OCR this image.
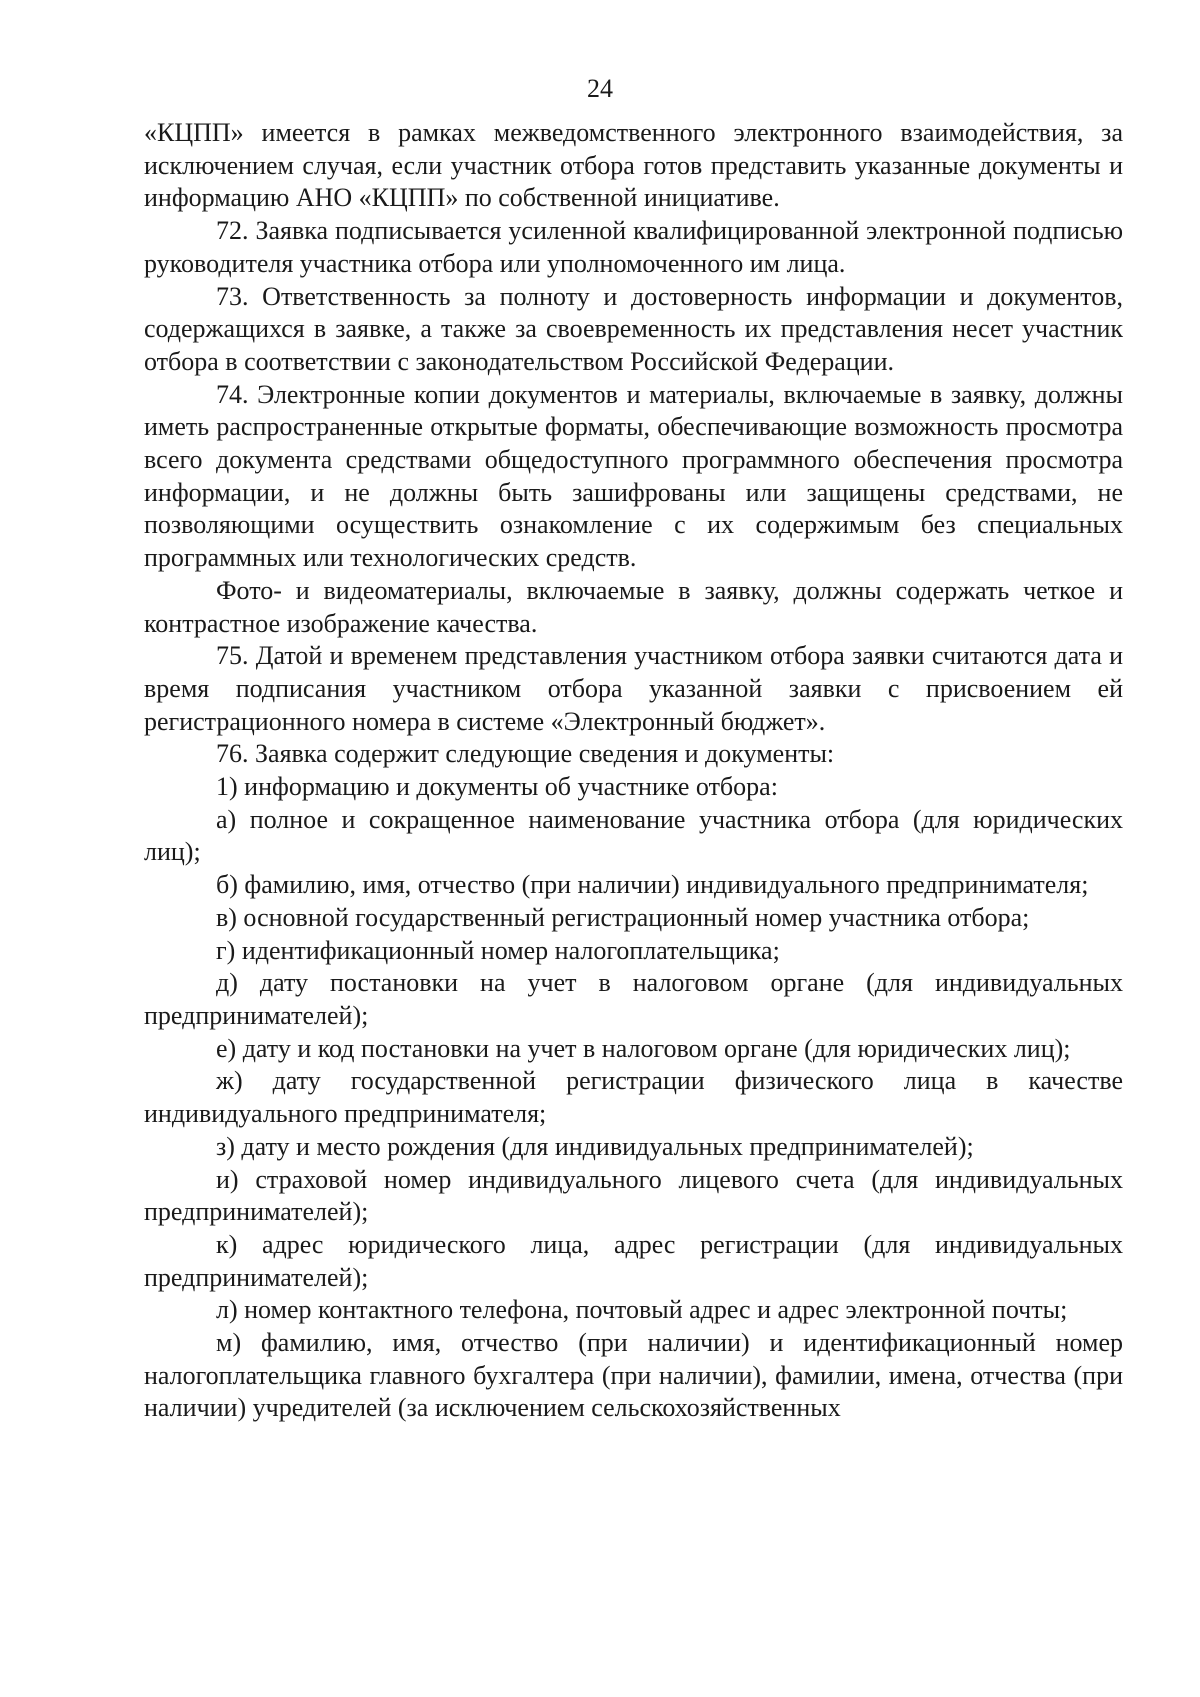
24

«КЦПП» имеется в рамках межведомственного электронного взаимодействия, за исключением случая, если участник отбора готов представить указанные документы и информацию АНО «КЦПП» по собственной инициативе.

72. Заявка подписывается усиленной квалифицированной электронной подписью руководителя участника отбора или уполномоченного им лица.

73. Ответственность за полноту и достоверность информации и документов, содержащихся в заявке, а также за своевременность их представления несет участник отбора в соответствии с законодательством Российской Федерации.

74. Электронные копии документов и материалы, включаемые в заявку, должны иметь распространенные открытые форматы, обеспечивающие возможность просмотра всего документа средствами общедоступного программного обеспечения просмотра информации, и не должны быть зашифрованы или защищены средствами, не позволяющими осуществить ознакомление с их содержимым без специальных программных или технологических средств.

Фото- и видеоматериалы, включаемые в заявку, должны содержать четкое и контрастное изображение качества.

75. Датой и временем представления участником отбора заявки считаются дата и время подписания участником отбора указанной заявки с присвоением ей регистрационного номера в системе «Электронный бюджет».

76. Заявка содержит следующие сведения и документы:

1) информацию и документы об участнике отбора:

а) полное и сокращенное наименование участника отбора (для юридических лиц);

б) фамилию, имя, отчество (при наличии) индивидуального предпринимателя;

в) основной государственный регистрационный номер участника отбора;

г) идентификационный номер налогоплательщика;

д) дату постановки на учет в налоговом органе (для индивидуальных предпринимателей);

е) дату и код постановки на учет в налоговом органе (для юридических лиц);

ж) дату государственной регистрации физического лица в качестве индивидуального предпринимателя;

з) дату и место рождения (для индивидуальных предпринимателей);

и) страховой номер индивидуального лицевого счета (для индивидуальных предпринимателей);

к) адрес юридического лица, адрес регистрации (для индивидуальных предпринимателей);

л) номер контактного телефона, почтовый адрес и адрес электронной почты;

м) фамилию, имя, отчество (при наличии) и идентификационный номер налогоплательщика главного бухгалтера (при наличии), фамилии, имена, отчества (при наличии) учредителей (за исключением сельскохозяйственных
